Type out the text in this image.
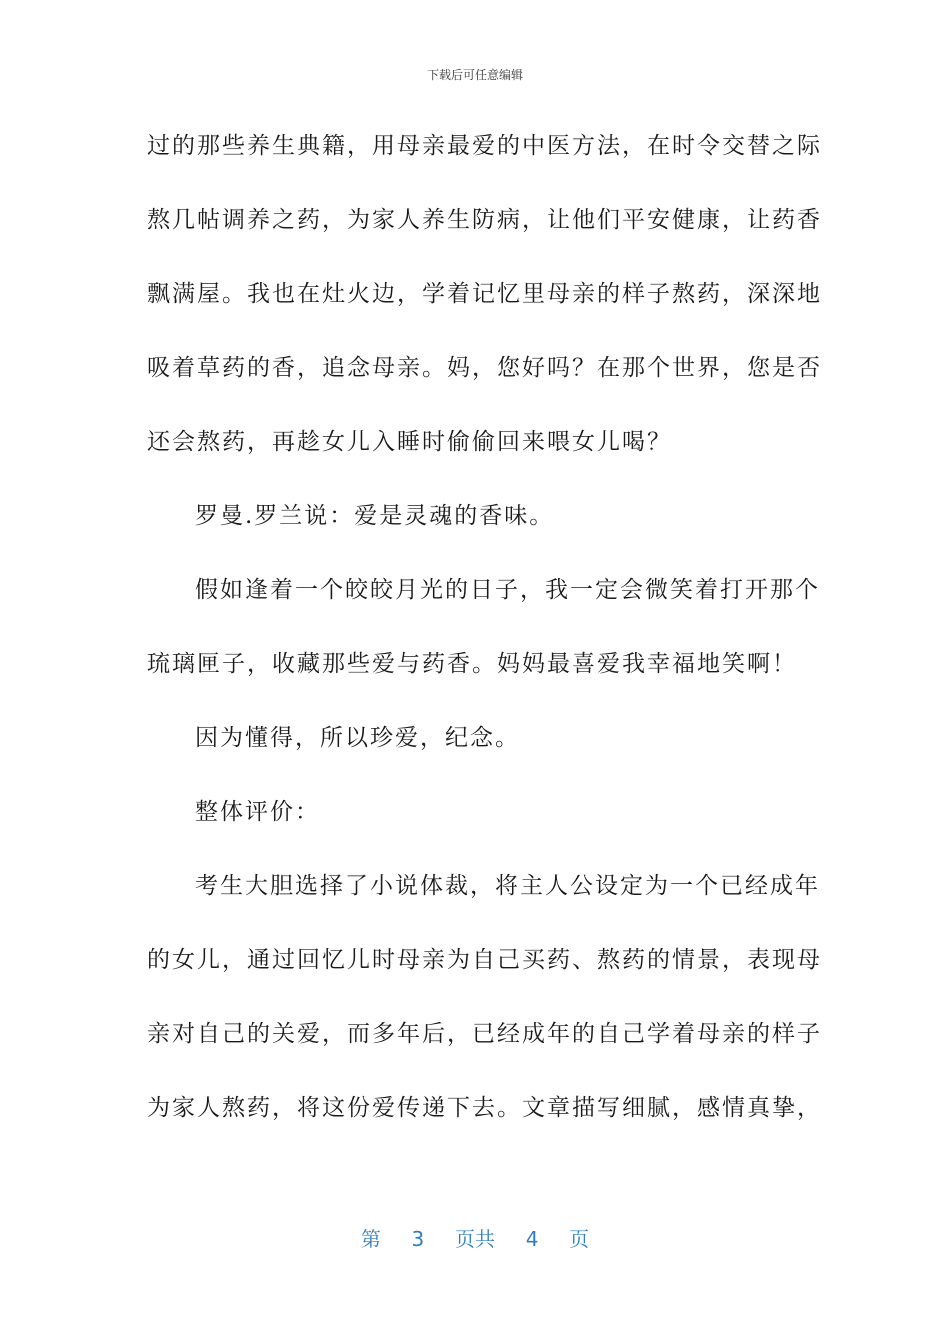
下载后可任意编辑

过的那些养生典籍，用母亲最爱的中医方法，在时令交替之际

熬几帖调养之药，为家人养生防病，让他们平安健康，让药香

飘满屋。我也在灶火边，学着记忆里母亲的样子熬药，深深地

吸着草药的香，追念母亲。妈，您好吗？在那个世界，您是否

还会熬药，再趁女儿入睡时偷偷回来喂女儿喝？

罗曼.罗兰说：爱是灵魂的香味。

假如逢着一个皎皎月光的日子，我一定会微笑着打开那个

琉璃匣子，收藏那些爱与药香。妈妈最喜爱我幸福地笑啊！

因为懂得，所以珍爱，纪念。

整体评价：

考生大胆选择了小说体裁，将主人公设定为一个已经成年

的女儿，通过回忆儿时母亲为自己买药、熬药的情景，表现母

亲对自己的关爱，而多年后，已经成年的自己学着母亲的样子

为家人熬药，将这份爱传递下去。文章描写细腻，感情真挚，

第 3 页共 4 页
